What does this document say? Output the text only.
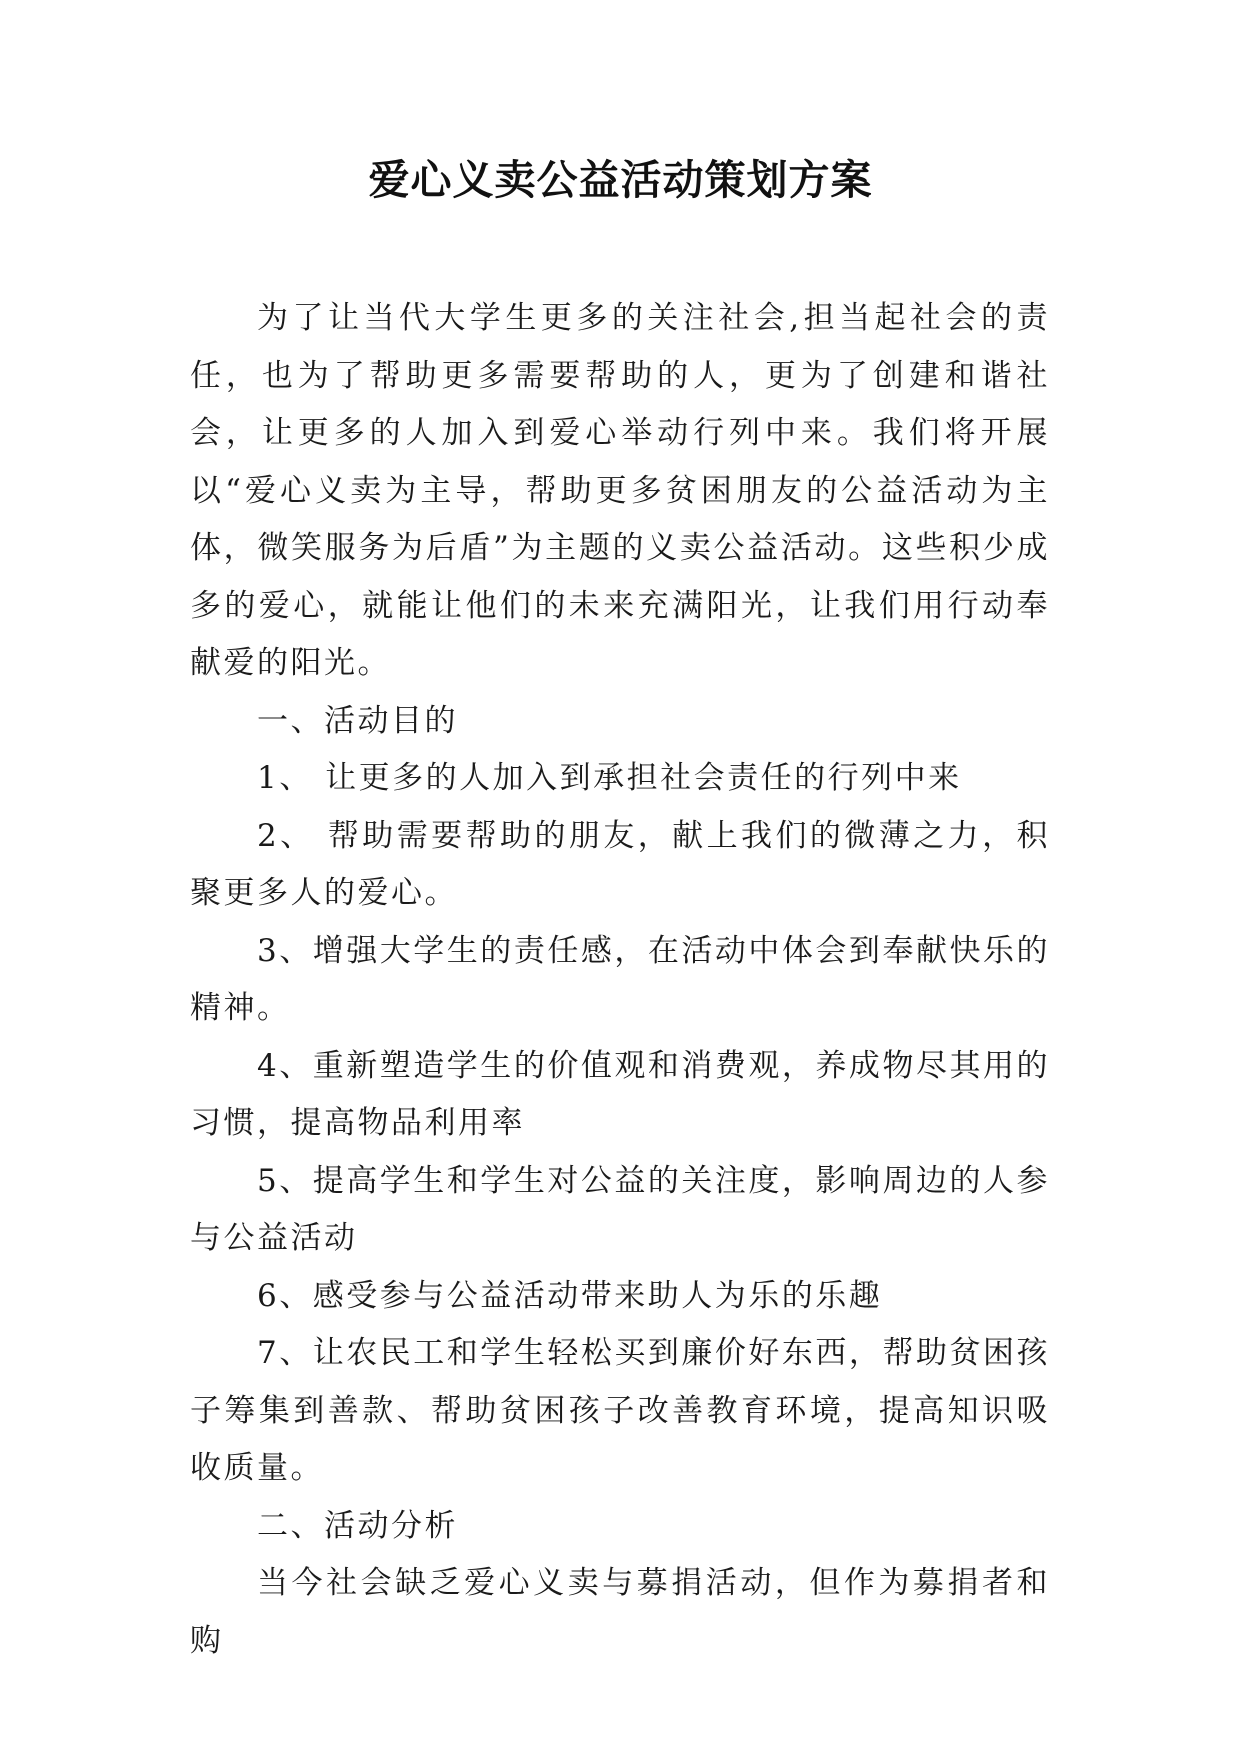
爱心义卖公益活动策划方案

为了让当代大学生更多的关注社会,担当起社会的责任，也为了帮助更多需要帮助的人，更为了创建和谐社会，让更多的人加入到爱心举动行列中来。我们将开展以“爱心义卖为主导，帮助更多贫困朋友的公益活动为主体，微笑服务为后盾”为主题的义卖公益活动。这些积少成多的爱心，就能让他们的未来充满阳光，让我们用行动奉献爱的阳光。

一、活动目的

1、 让更多的人加入到承担社会责任的行列中来

2、 帮助需要帮助的朋友，献上我们的微薄之力，积聚更多人的爱心。

3、增强大学生的责任感，在活动中体会到奉献快乐的精神。

4、重新塑造学生的价值观和消费观，养成物尽其用的习惯，提高物品利用率

5、提高学生和学生对公益的关注度，影响周边的人参与公益活动

6、感受参与公益活动带来助人为乐的乐趣

7、让农民工和学生轻松买到廉价好东西，帮助贫困孩子筹集到善款、帮助贫困孩子改善教育环境，提高知识吸收质量。

二、活动分析

当今社会缺乏爱心义卖与募捐活动，但作为募捐者和购
